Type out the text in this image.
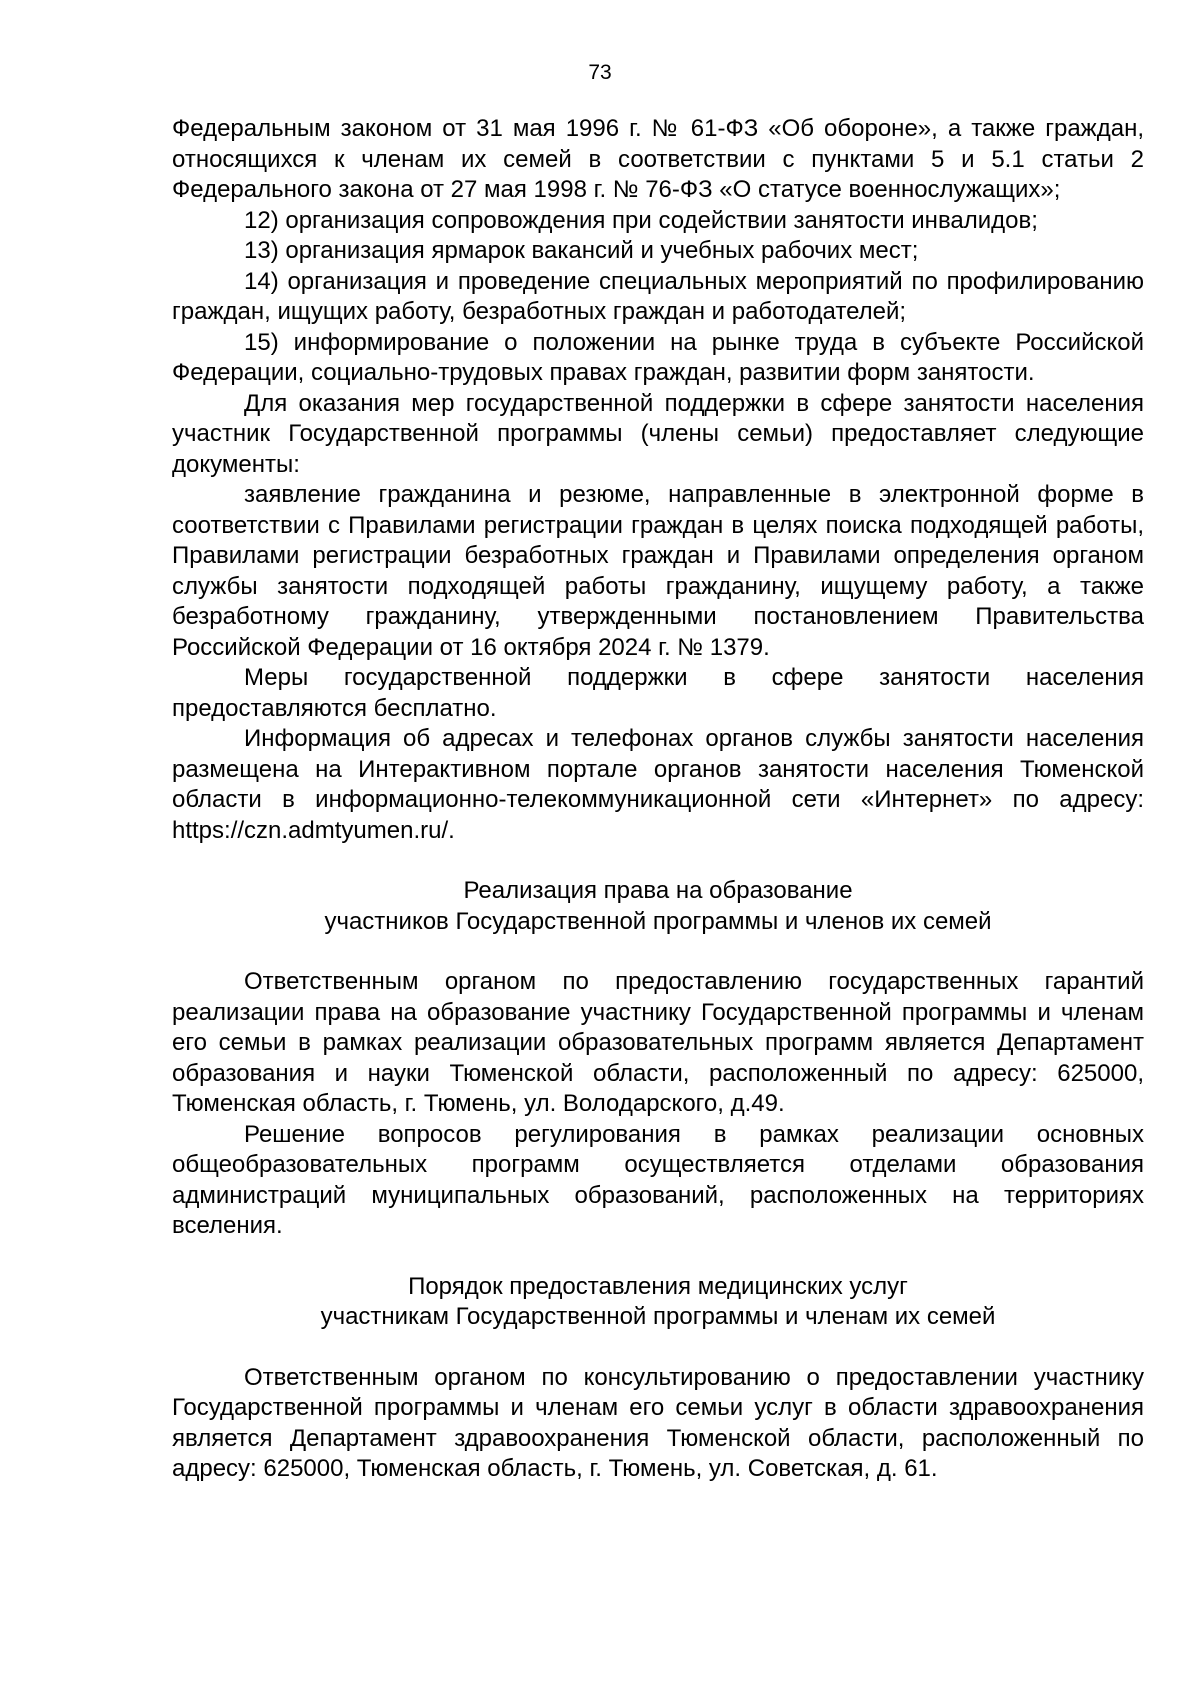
73

Федеральным законом от 31 мая 1996 г. № 61-ФЗ «Об обороне», а также граждан, относящихся к членам их семей в соответствии с пунктами 5 и 5.1 статьи 2 Федерального закона от 27 мая 1998 г. № 76-ФЗ «О статусе военнослужащих»;

12) организация сопровождения при содействии занятости инвалидов;

13) организация ярмарок вакансий и учебных рабочих мест;

14) организация и проведение специальных мероприятий по профилированию граждан, ищущих работу, безработных граждан и работодателей;

15) информирование о положении на рынке труда в субъекте Российской Федерации, социально-трудовых правах граждан, развитии форм занятости.

Для оказания мер государственной поддержки в сфере занятости населения участник Государственной программы (члены семьи) предоставляет следующие документы:

заявление гражданина и резюме, направленные в электронной форме в соответствии с Правилами регистрации граждан в целях поиска подходящей работы, Правилами регистрации безработных граждан и Правилами определения органом службы занятости подходящей работы гражданину, ищущему работу, а также безработному гражданину, утвержденными постановлением Правительства Российской Федерации от 16 октября 2024 г. № 1379.

Меры государственной поддержки в сфере занятости населения предоставляются бесплатно.

Информация об адресах и телефонах органов службы занятости населения размещена на Интерактивном портале органов занятости населения Тюменской области в информационно-телекоммуникационной сети «Интернет» по адресу: https://czn.admtyumen.ru/.

Реализация права на образование

участников Государственной программы и членов их семей

Ответственным органом по предоставлению государственных гарантий реализации права на образование участнику Государственной программы и членам его семьи в рамках реализации образовательных программ является Департамент образования и науки Тюменской области, расположенный по адресу: 625000, Тюменская область, г. Тюмень, ул. Володарского, д.49.

Решение вопросов регулирования в рамках реализации основных общеобразовательных программ осуществляется отделами образования администраций муниципальных образований, расположенных на территориях вселения.

Порядок предоставления медицинских услуг

участникам Государственной программы и членам их семей

Ответственным органом по консультированию о предоставлении участнику Государственной программы и членам его семьи услуг в области здравоохранения является Департамент здравоохранения Тюменской области, расположенный по адресу: 625000, Тюменская область, г. Тюмень, ул. Советская, д. 61.
